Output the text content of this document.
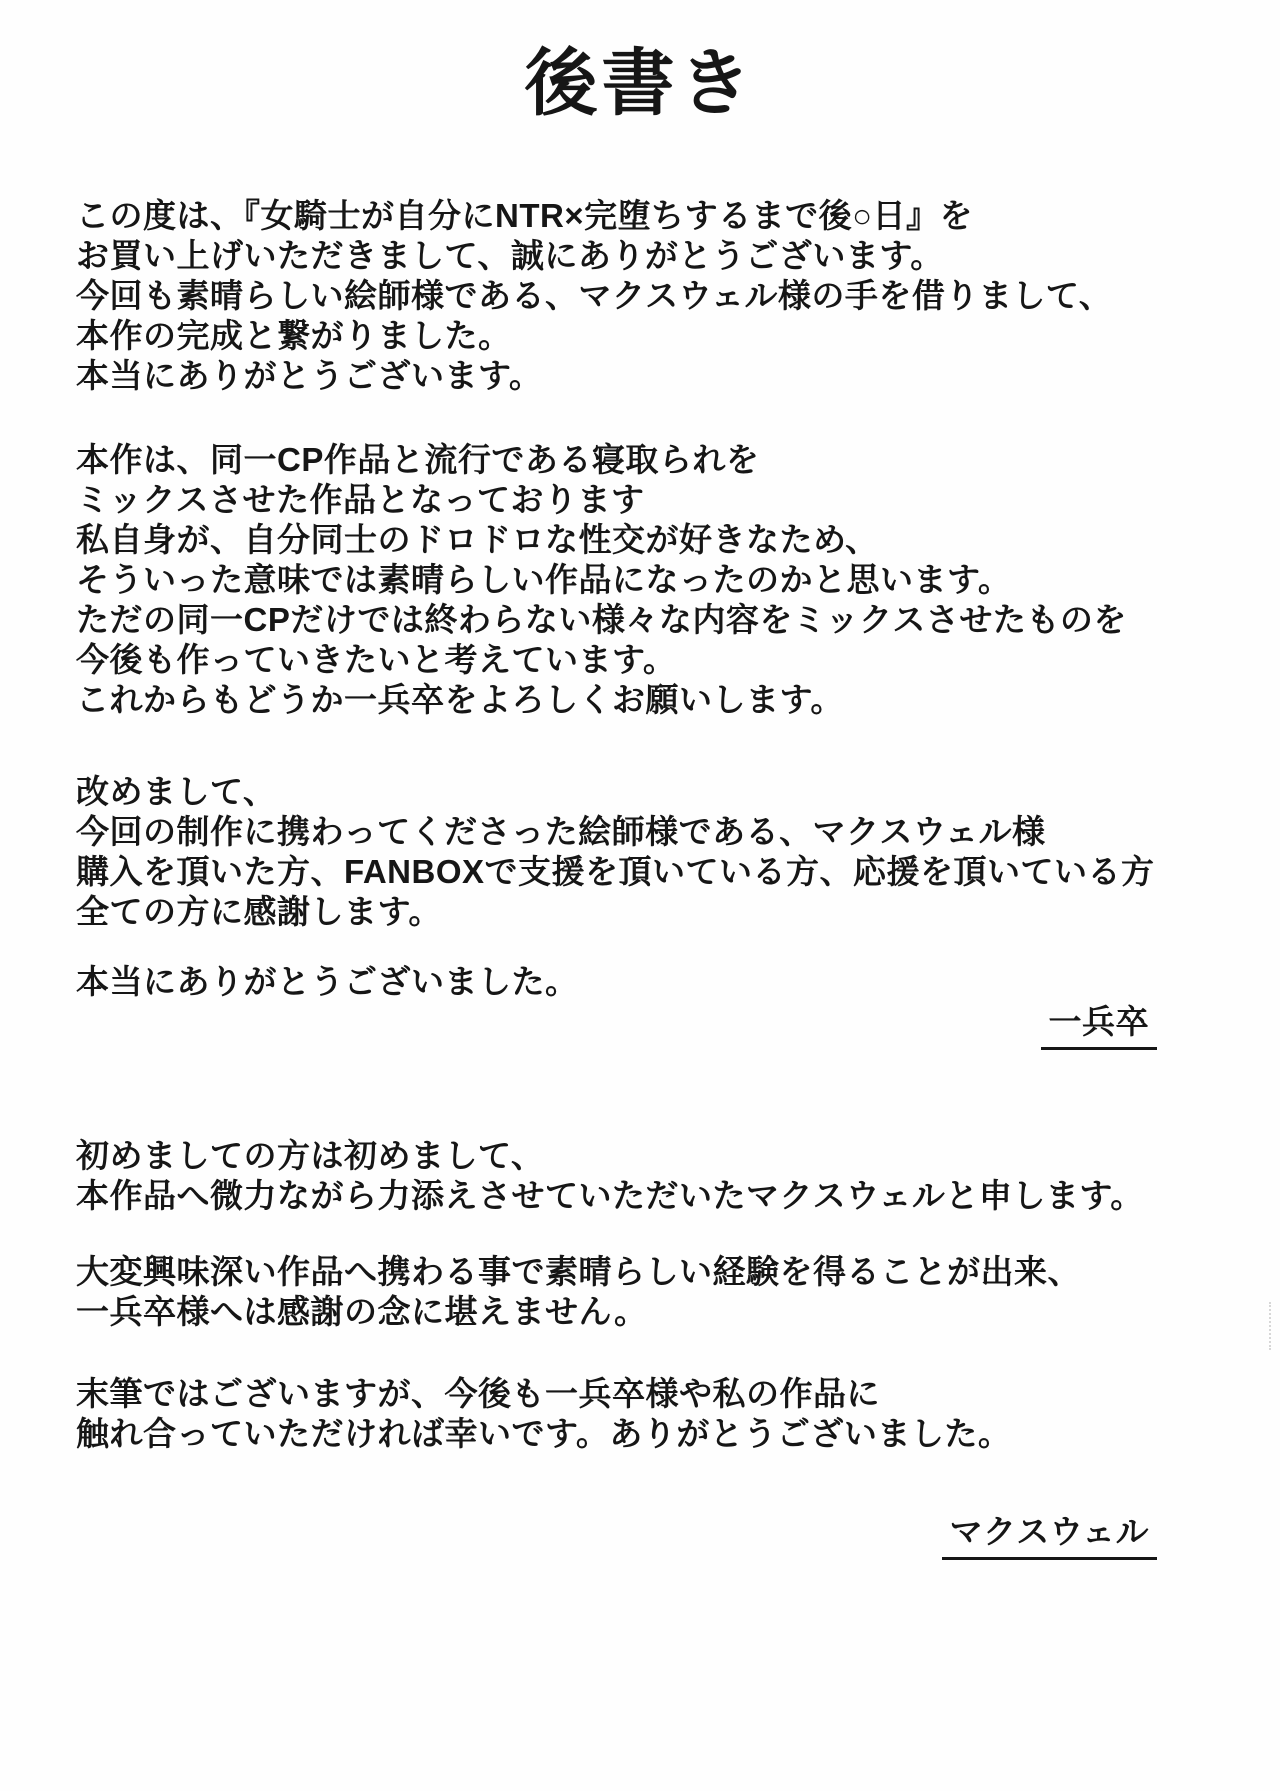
後書き
この度は、『女騎士が自分にNTR×完堕ちするまで後○日』を
お買い上げいただきまして、誠にありがとうございます。
今回も素晴らしい絵師様である、マクスウェル様の手を借りまして、
本作の完成と繋がりました。
本当にありがとうございます。
本作は、同一CP作品と流行である寝取られを
ミックスさせた作品となっております
私自身が、自分同士のドロドロな性交が好きなため、
そういった意味では素晴らしい作品になったのかと思います。
ただの同一CPだけでは終わらない様々な内容をミックスさせたものを
今後も作っていきたいと考えています。
これからもどうか一兵卒をよろしくお願いします。
改めまして、
今回の制作に携わってくださった絵師様である、マクスウェル様
購入を頂いた方、FANBOXで支援を頂いている方、応援を頂いている方
全ての方に感謝します。
本当にありがとうございました。
一兵卒
初めましての方は初めまして、
本作品へ微力ながら力添えさせていただいたマクスウェルと申します。
大変興味深い作品へ携わる事で素晴らしい経験を得ることが出来、
一兵卒様へは感謝の念に堪えません。
末筆ではございますが、今後も一兵卒様や私の作品に
触れ合っていただければ幸いです。ありがとうございました。
マクスウェル
